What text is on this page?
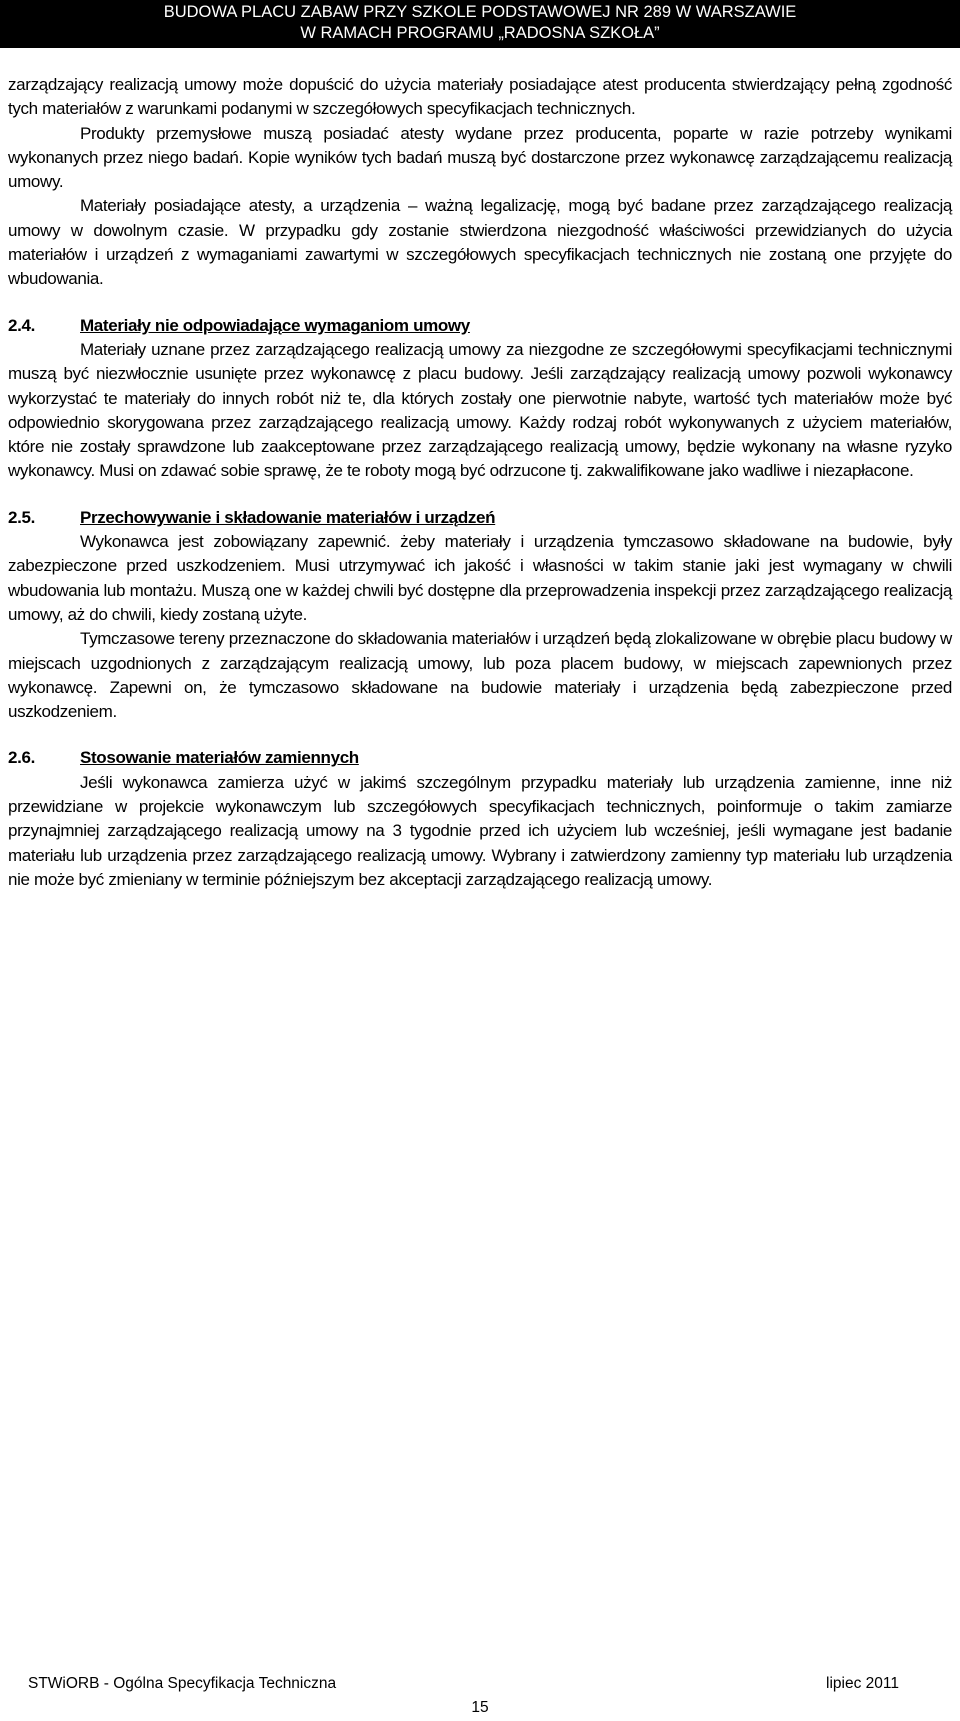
BUDOWA PLACU ZABAW PRZY SZKOLE PODSTAWOWEJ NR 289 W WARSZAWIE
W RAMACH PROGRAMU „RADOSNA SZKOŁA”

zarządzający realizacją umowy może dopuścić do użycia materiały posiadające atest producenta stwierdzający pełną zgodność tych materiałów z warunkami podanymi w szczegółowych specyfikacjach technicznych.

Produkty przemysłowe muszą posiadać atesty wydane przez producenta, poparte w razie potrzeby wynikami wykonanych przez niego badań. Kopie wyników tych badań muszą być dostarczone przez wykonawcę zarządzającemu realizacją umowy.

Materiały posiadające atesty, a urządzenia – ważną legalizację, mogą być badane przez zarządzającego realizacją umowy w dowolnym czasie. W przypadku gdy zostanie stwierdzona niezgodność właściwości przewidzianych do użycia materiałów i urządzeń z wymaganiami zawartymi w szczegółowych specyfikacjach technicznych nie zostaną one przyjęte do wbudowania.

2.4.	Materiały nie odpowiadające wymaganiom umowy

Materiały uznane przez zarządzającego realizacją umowy za niezgodne ze szczegółowymi specyfikacjami technicznymi muszą być niezwłocznie usunięte przez wykonawcę z placu budowy. Jeśli zarządzający realizacją umowy pozwoli wykonawcy wykorzystać te materiały do innych robót niż te, dla których zostały one pierwotnie nabyte, wartość tych materiałów może być odpowiednio skorygowana przez zarządzającego realizacją umowy. Każdy rodzaj robót wykonywanych z użyciem materiałów, które nie zostały sprawdzone lub zaakceptowane przez zarządzającego realizacją umowy, będzie wykonany na własne ryzyko wykonawcy. Musi on zdawać sobie sprawę, że te roboty mogą być odrzucone tj. zakwalifikowane jako wadliwe i niezapłacone.

2.5.	Przechowywanie i składowanie materiałów i urządzeń

Wykonawca jest zobowiązany zapewnić. żeby materiały i urządzenia tymczasowo składowane na budowie, były zabezpieczone przed uszkodzeniem. Musi utrzymywać ich jakość i własności w takim stanie jaki jest wymagany w chwili wbudowania lub montażu. Muszą one w każdej chwili być dostępne dla przeprowadzenia inspekcji przez zarządzającego realizacją umowy, aż do chwili, kiedy zostaną użyte.

Tymczasowe tereny przeznaczone do składowania materiałów i urządzeń będą zlokalizowane w obrębie placu budowy w miejscach uzgodnionych z zarządzającym realizacją umowy, lub poza placem budowy, w miejscach zapewnionych przez wykonawcę. Zapewni on, że tymczasowo składowane na budowie materiały i urządzenia będą zabezpieczone przed uszkodzeniem.

2.6.	Stosowanie materiałów zamiennych

Jeśli wykonawca zamierza użyć w jakimś szczególnym przypadku materiały lub urządzenia zamienne, inne niż przewidziane w projekcie wykonawczym lub szczegółowych specyfikacjach technicznych, poinformuje o takim zamiarze przynajmniej zarządzającego realizacją umowy na 3 tygodnie przed ich użyciem lub wcześniej, jeśli wymagane jest badanie materiału lub urządzenia przez zarządzającego realizacją umowy. Wybrany i zatwierdzony zamienny typ materiału lub urządzenia nie może być zmieniany w terminie późniejszym bez akceptacji zarządzającego realizacją umowy.

STWiORB - Ogólna Specyfikacja Techniczna	lipiec 2011
15
